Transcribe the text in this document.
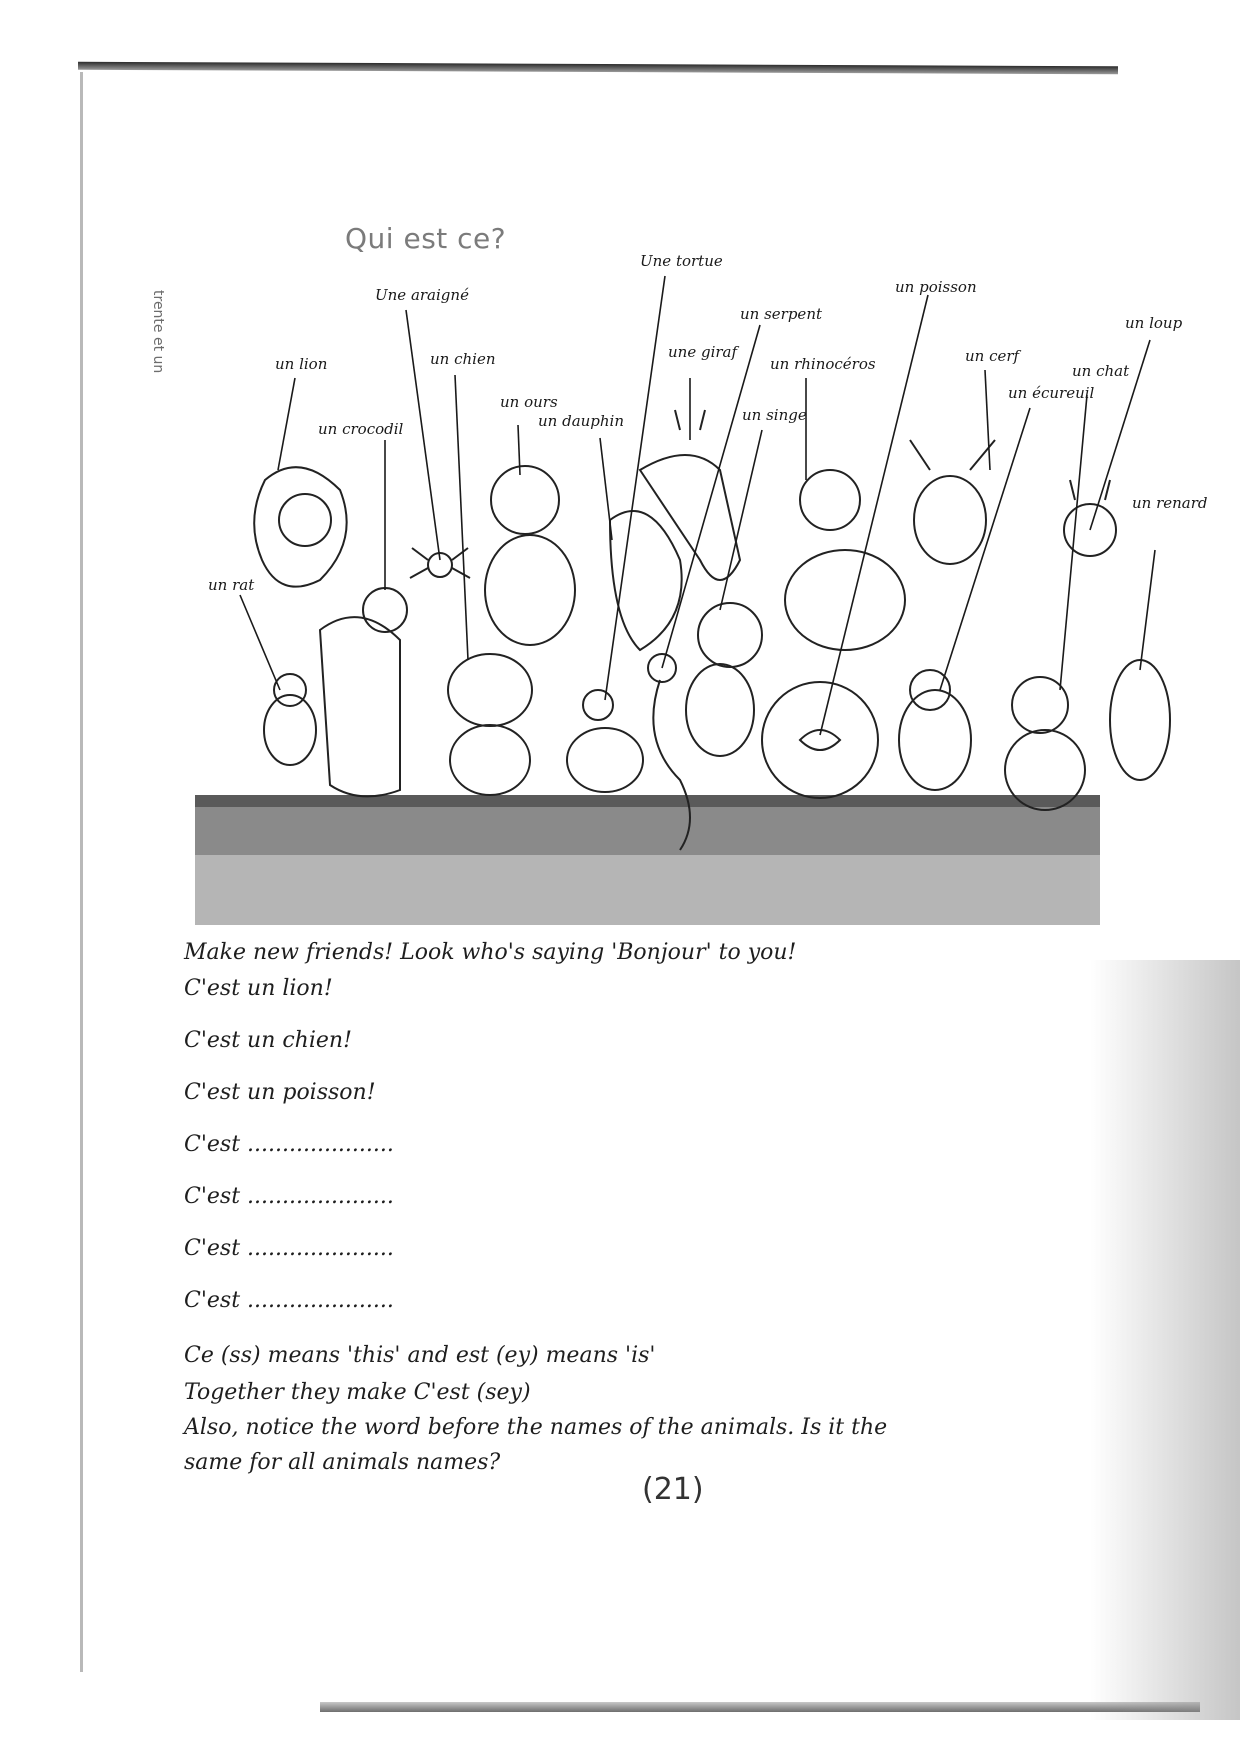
trente et un
Qui est ce?
Une tortue
Une araigné	un poisson
un serpent	un loup
un lion	un chien	une giraf
un rhinocéros	un cerf
un chat
un ours
un dauphin
un écureuil
un crocodil
un singe
un renard
un rat

Make new friends! Look who's saying 'Bonjour' to you!

C'est un lion!

C'est un chien!

C'est un poisson!

C'est .....................

C'est .....................

C'est .....................

C'est .....................

Ce (ss) means 'this' and est (ey) means 'is'

Together they make C'est (sey)

Also, notice the word before the names of the animals. Is it the

same for all animals names?

(21)
